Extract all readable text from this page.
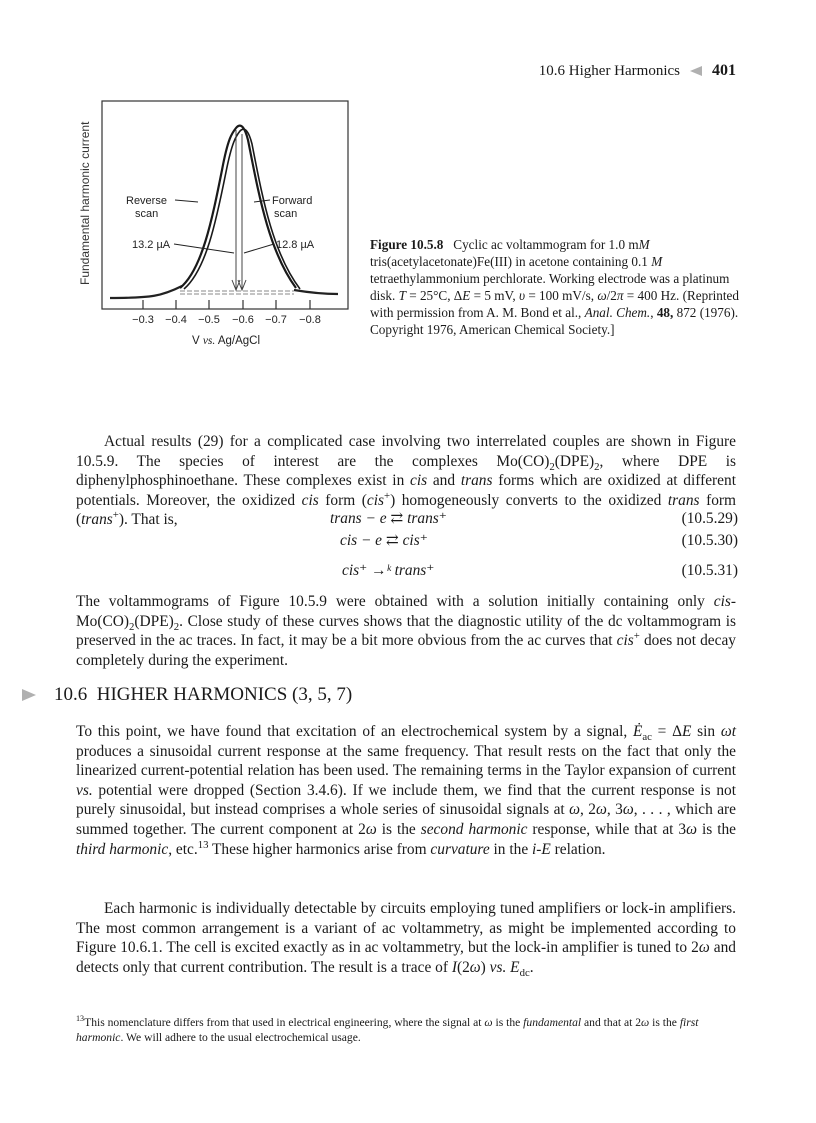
10.6 Higher Harmonics 401
Fundamental harmonic current
−0.3 −0.4 −0.5 −0.6 −0.7 −0.8
V vs. Ag/AgCl
Reverse
scan
Forward
scan
13.2 µA	12.8 µA	Figure 10.5.8 Cyclic ac voltammogram for 1.0 mM tris(acetylacetonate)Fe(III) in acetone containing 0.1 M tetraethylammonium perchlorate. Working electrode was a platinum disk. T = 25°C, ΔE = 5 mV, υ = 100 mV/s, ω/2π = 400 Hz. (Reprinted with permission from A. M. Bond et al., Anal. Chem., 48, 872 (1976). Copyright 1976, American Chemical Society.]
Actual results (29) for a complicated case involving two interrelated couples are shown in Figure 10.5.9. The species of interest are the complexes $Mo(CO)_2(DPE)_2$, where DPE is diphenylphosphinoethane. These complexes exist in cis and trans forms which are oxidized at different potentials. Moreover, the oxidized cis form (cis+) homogeneously converts to the oxidized trans form (trans+). That is,	trans − e ⇄ trans⁺	(10.5.29)
cis − e ⇄ cis⁺	(10.5.30)
cis⁺ →ᵏ trans⁺	(10.5.31)
The voltammograms of Figure 10.5.9 were obtained with a solution initially containing only cis-$Mo(CO)_2(DPE)_2$. Close study of these curves shows that the diagnostic utility of the dc voltammogram is preserved in the ac traces. In fact, it may be a bit more obvious from the ac curves that cis+ does not decay completely during the experiment.
10.6 HIGHER HARMONICS (3, 5, 7)
To this point, we have found that excitation of an electrochemical system by a signal, $Ė_{ac} = \Delta E$ sin ωt produces a sinusoidal current response at the same frequency. That result rests on the fact that only the linearized current-potential relation has been used. The remaining terms in the Taylor expansion of current vs. potential were dropped (Section 3.4.6). If we include them, we find that the current response is not purely sinusoidal, but instead comprises a whole series of sinusoidal signals at ω, 2ω, 3ω, . . . , which are summed together. The current component at 2ω is the second harmonic response, while that at 3ω is the third harmonic, etc.$^{13}$ These higher harmonics arise from curvature in the i-E relation.
Each harmonic is individually detectable by circuits employing tuned amplifiers or lock-in amplifiers. The most common arrangement is a variant of ac voltammetry, as might be implemented according to Figure 10.6.1. The cell is excited exactly as in ac voltammetry, but the lock-in amplifier is tuned to 2ω and detects only that current contribution. The result is a trace of I(2ω) vs. $E_{dc}$.
$^{13}$This nomenclature differs from that used in electrical engineering, where the signal at ω is the fundamental and that at 2ω is the first harmonic. We will adhere to the usual electrochemical usage.
